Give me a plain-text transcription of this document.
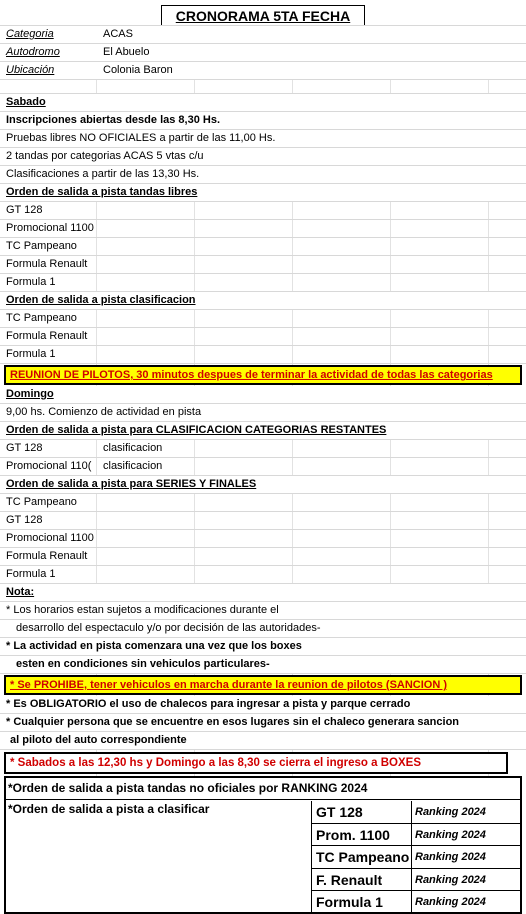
CRONORAMA 5TA FECHA
Categoria	ACAS
Autodromo	El Abuelo
Ubicación	Colonia Baron
Sabado
Inscripciones abiertas desde las 8,30 Hs.
Pruebas libres NO OFICIALES a partir de las 11,00 Hs.
2 tandas por categorias ACAS 5 vtas c/u
Clasificaciones a partir de las 13,30 Hs.
Orden de salida a pista tandas libres
GT 128
Promocional 1100
TC Pampeano
Formula Renault
Formula 1
Orden de salida a pista clasificacion
TC Pampeano
Formula Renault
Formula 1
REUNION DE PILOTOS, 30 minutos despues de terminar la actividad de todas las categorias
Domingo
9,00 hs. Comienzo de actividad en pista
Orden de salida a pista para CLASIFICACION CATEGORIAS RESTANTES
GT 128	clasificacion
Promocional 110( clasificacion
Orden de salida a pista para SERIES Y FINALES
TC Pampeano
GT 128
Promocional 1100
Formula Renault
Formula 1
Nota:
* Los horarios estan sujetos a modificaciones durante el
desarrollo del espectaculo y/o por decisión de las autoridades-
* La actividad en pista comenzara una vez que los boxes
esten en condiciones sin vehiculos particulares-
* Se PROHIBE, tener vehiculos en marcha durante la reunion de pilotos (SANCION )
* Es OBLIGATORIO el uso de chalecos para ingresar a pista y parque cerrado
* Cualquier persona que se encuentre en esos lugares sin el chaleco generara sancion
al piloto del auto correspondiente
* Sabados a las 12,30 hs y Domingo a las 8,30 se cierra el ingreso a BOXES
*Orden de salida a pista tandas no oficiales por RANKING 2024
*Orden de salida a pista a clasificar	GT 128	Ranking 2024
Prom. 1100	Ranking 2024
TC Pampeano Ranking 2024
F. Renault	Ranking 2024
Formula 1	Ranking 2024
